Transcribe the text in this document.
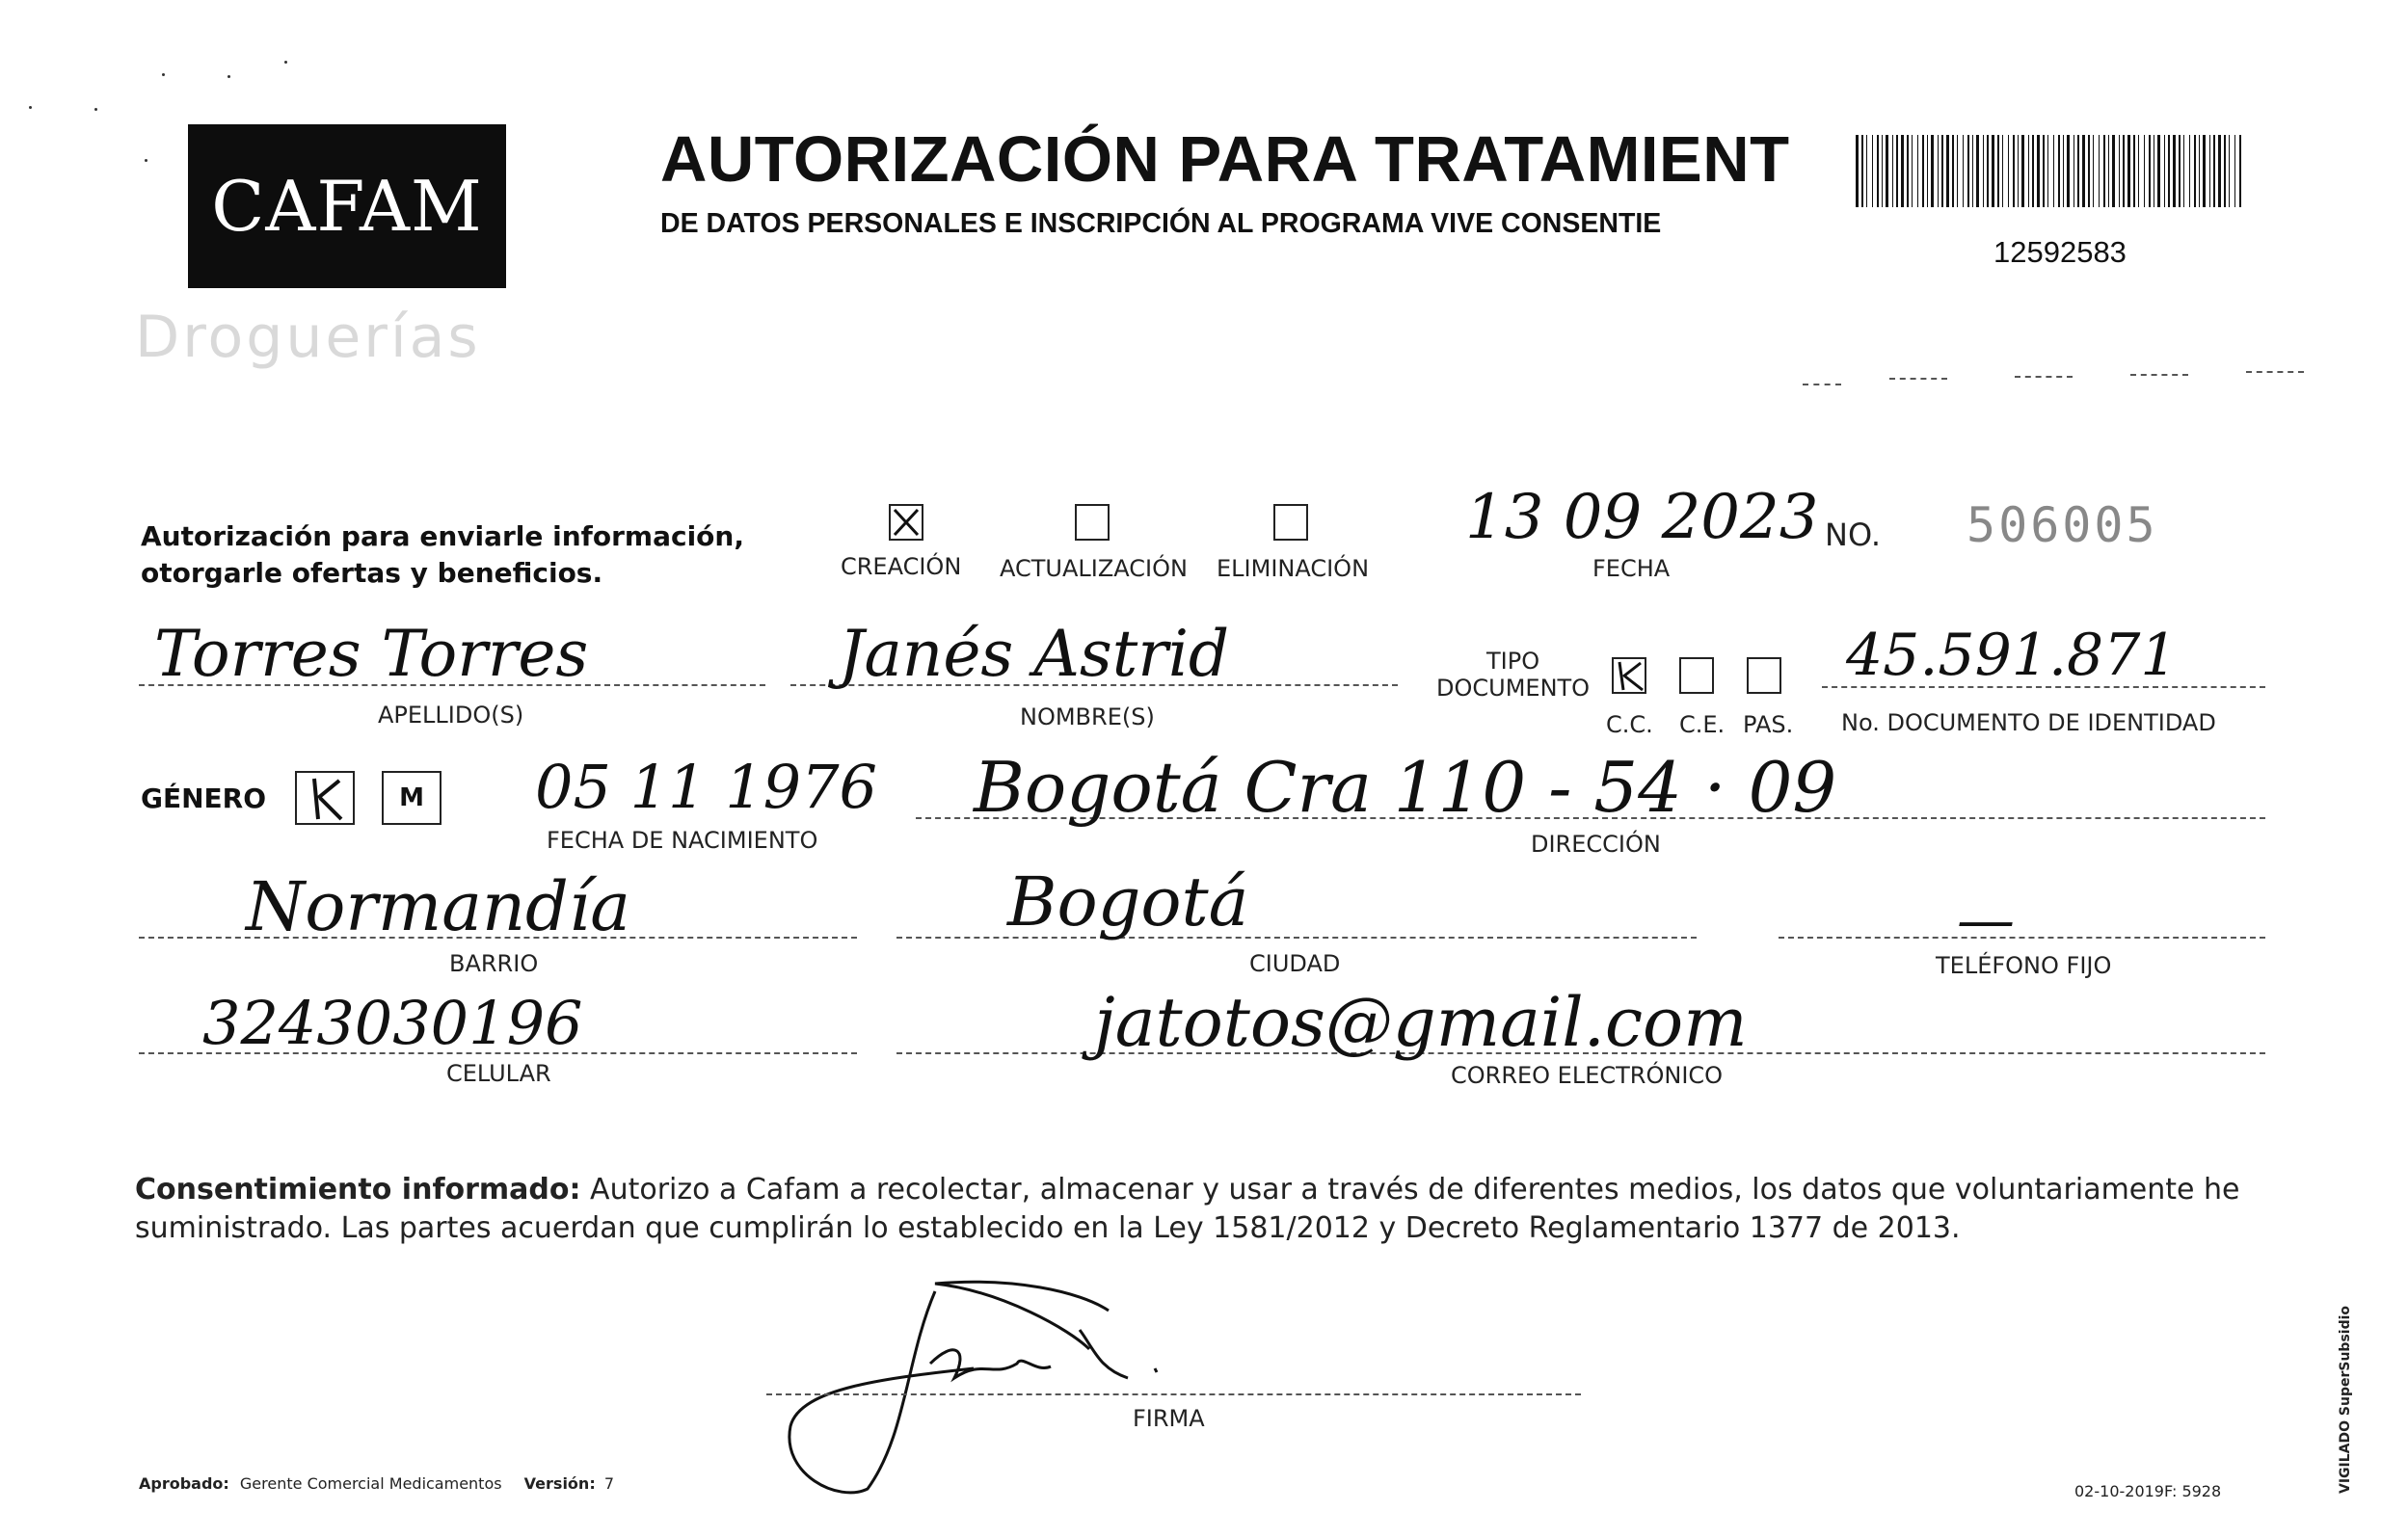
CAFAM
Droguerías
AUTORIZACIÓN PARA TRATAMIENT
DE DATOS PERSONALES E INSCRIPCIÓN AL PROGRAMA VIVE CONSENTIE
12592583
Autorización para enviarle información,
otorgarle ofertas y beneficios.	CREACIÓN ACTUALIZACIÓN ELIMINACIÓN
13 09 2023
FECHA
NO. 506005
Torres Torres
APELLIDO(S)
Janés Astrid
NOMBRE(S)
TIPO
DOCUMENTO
C.C. C.E. PAS.
45.591.871
No. DOCUMENTO DE IDENTIDAD
GÉNERO	M 05 11 1976
FECHA DE NACIMIENTO
Bogotá Cra 110 - 54 · 09
DIRECCIÓN
Normandía
BARRIO
Bogotá
CIUDAD
—
TELÉFONO FIJO
3243030196
CELULAR
jatotos@gmail.com
CORREO ELECTRÓNICO
Consentimiento informado: Autorizo a Cafam a recolectar, almacenar y usar a través de diferentes medios, los datos que voluntariamente he suministrado. Las partes acuerdan que cumplirán lo establecido en la Ley 1581/2012 y Decreto Reglamentario 1377 de 2013.
FIRMA
Aprobado: Gerente Comercial Medicamentos Versión: 7	02-10-2019 F: 5928	VIGILADO SuperSubsidio
